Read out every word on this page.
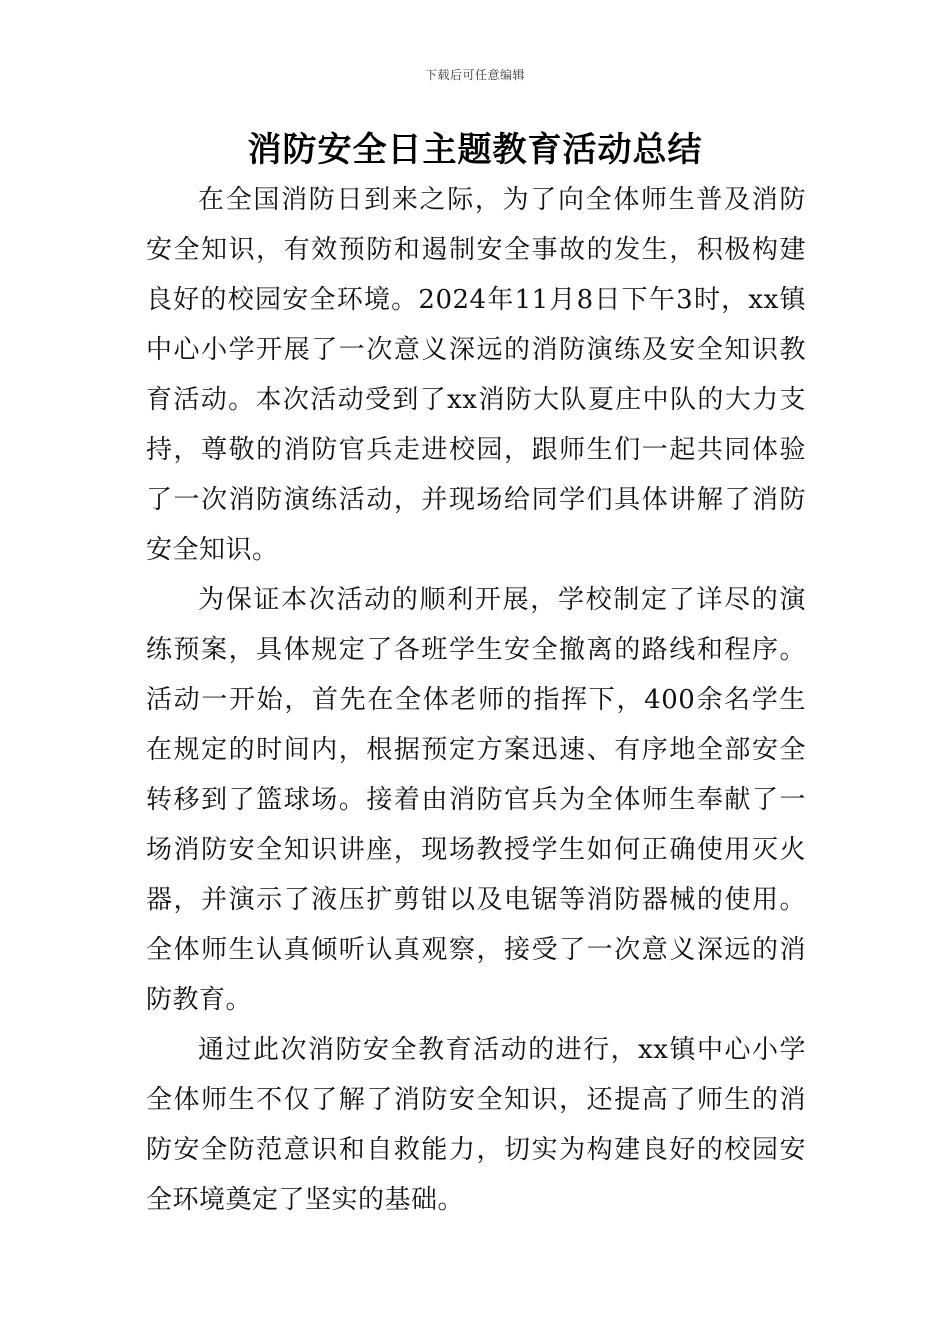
下载后可任意编辑
消防安全日主题教育活动总结

在全国消防日到来之际，为了向全体师生普及消防安全知识，有效预防和遏制安全事故的发生，积极构建良好的校园安全环境。2024年11月8日下午3时，xx镇中心小学开展了一次意义深远的消防演练及安全知识教育活动。本次活动受到了xx消防大队夏庄中队的大力支持，尊敬的消防官兵走进校园，跟师生们一起共同体验了一次消防演练活动，并现场给同学们具体讲解了消防安全知识。

为保证本次活动的顺利开展，学校制定了详尽的演练预案，具体规定了各班学生安全撤离的路线和程序。活动一开始，首先在全体老师的指挥下，400余名学生在规定的时间内，根据预定方案迅速、有序地全部安全转移到了篮球场。接着由消防官兵为全体师生奉献了一场消防安全知识讲座，现场教授学生如何正确使用灭火器，并演示了液压扩剪钳以及电锯等消防器械的使用。全体师生认真倾听认真观察，接受了一次意义深远的消防教育。

通过此次消防安全教育活动的进行，xx镇中心小学全体师生不仅了解了消防安全知识，还提高了师生的消防安全防范意识和自救能力，切实为构建良好的校园安全环境奠定了坚实的基础。
